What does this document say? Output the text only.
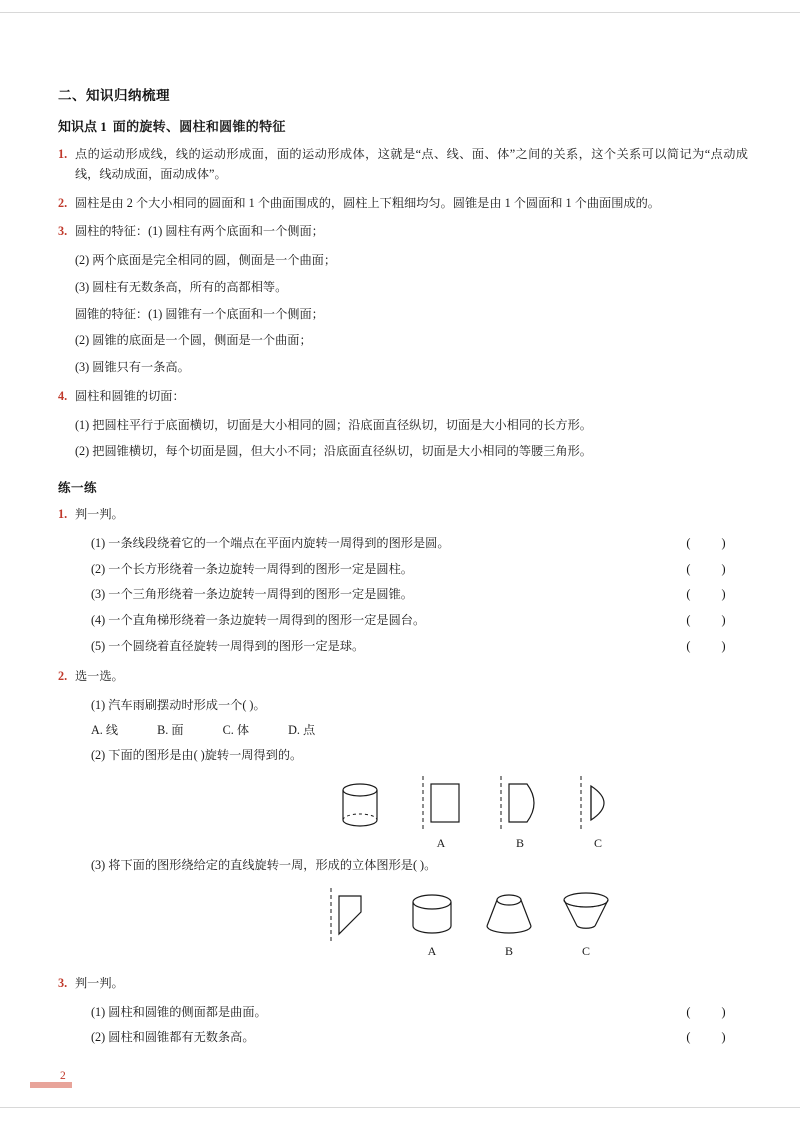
二、知识归纳梳理
知识点 1 面的旋转、圆柱和圆锥的特征
1. 点的运动形成线，线的运动形成面，面的运动形成体，这就是“点、线、面、体”之间的关系，这个关系可以简记为“点动成线，线动成面，面动成体”。
2. 圆柱是由 2 个大小相同的圆面和 1 个曲面围成的，圆柱上下粗细均匀。圆锥是由 1 个圆面和 1 个曲面围成的。
3. 圆柱的特征：(1) 圆柱有两个底面和一个侧面；
(2) 两个底面是完全相同的圆，侧面是一个曲面；
(3) 圆柱有无数条高，所有的高都相等。
圆锥的特征：(1) 圆锥有一个底面和一个侧面；
(2) 圆锥的底面是一个圆，侧面是一个曲面；
(3) 圆锥只有一条高。
4. 圆柱和圆锥的切面：
(1) 把圆柱平行于底面横切，切面是大小相同的圆；沿底面直径纵切，切面是大小相同的长方形。
(2) 把圆锥横切，每个切面是圆，但大小不同；沿底面直径纵切，切面是大小相同的等腰三角形。
练一练
1. 判一判。
(1) 一条线段绕着它的一个端点在平面内旋转一周得到的图形是圆。	( )
(2) 一个长方形绕着一条边旋转一周得到的图形一定是圆柱。	( )
(3) 一个三角形绕着一条边旋转一周得到的图形一定是圆锥。	( )
(4) 一个直角梯形绕着一条边旋转一周得到的图形一定是圆台。	( )
(5) 一个圆绕着直径旋转一周得到的图形一定是球。	( )
2. 选一选。
(1) 汽车雨刷摆动时形成一个( )。
A. 线	B. 面	C. 体	D. 点
(2) 下面的图形是由( )旋转一周得到的。
A	B	C
(3) 将下面的图形绕给定的直线旋转一周，形成的立体图形是( )。
A	B	C
3. 判一判。
(1) 圆柱和圆锥的侧面都是曲面。	( )
(2) 圆柱和圆锥都有无数条高。	( )
2
